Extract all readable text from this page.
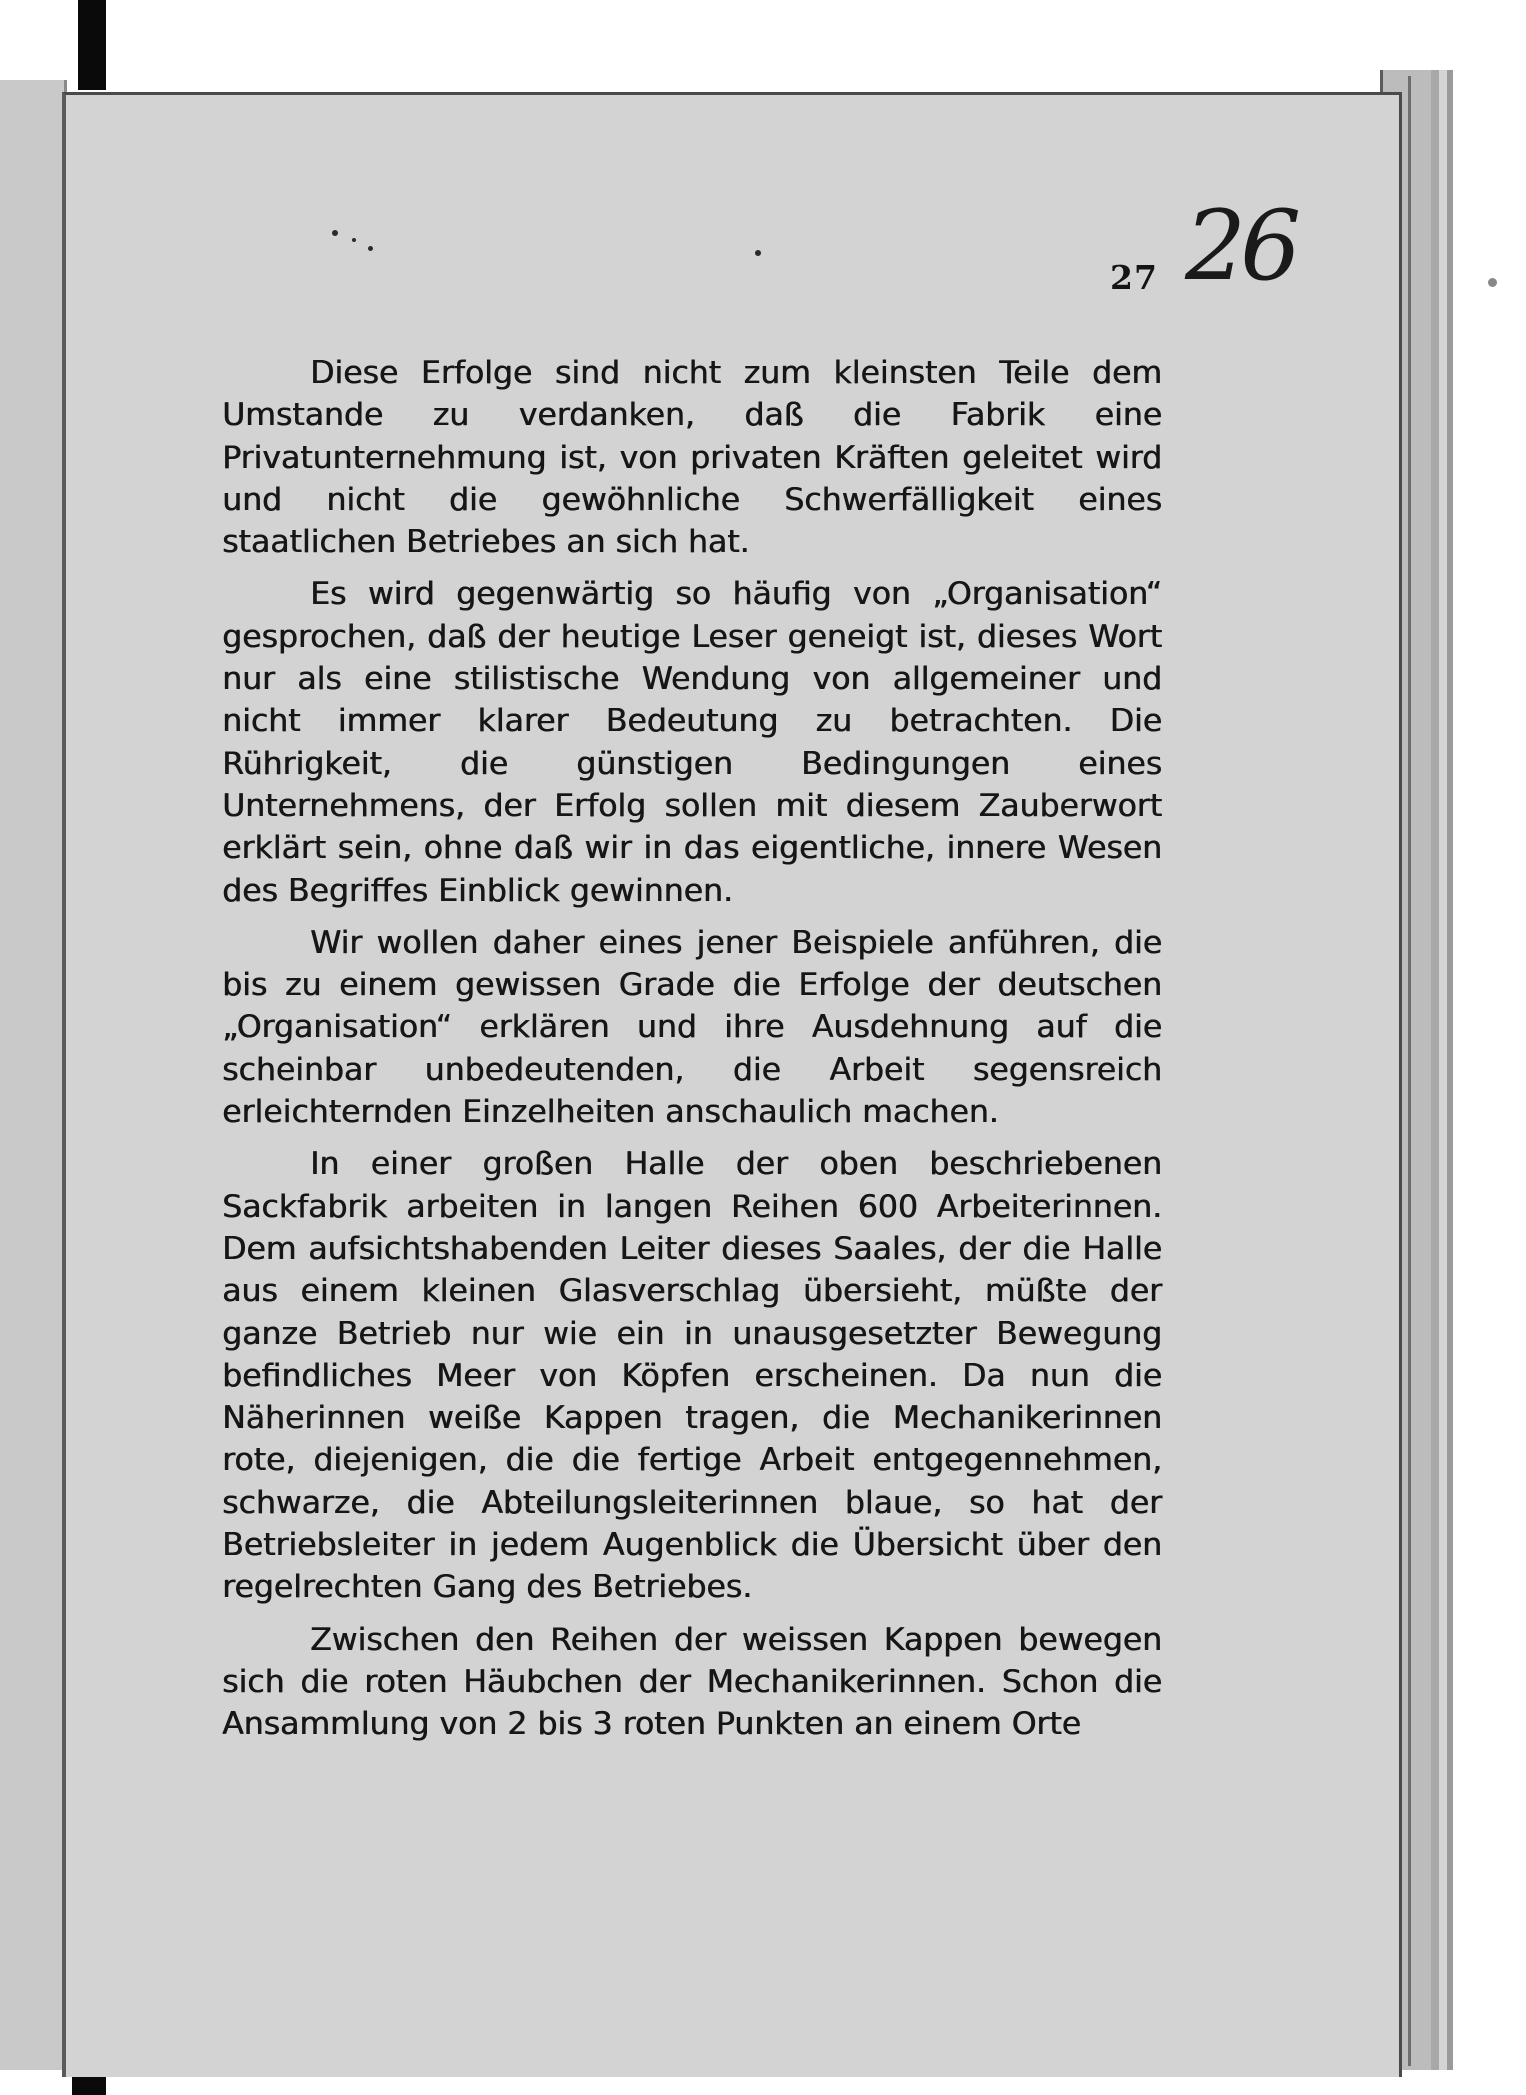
27 26

Diese Erfolge sind nicht zum kleinsten Teile dem Umstande zu verdanken, daß die Fabrik eine Privatunternehmung ist, von privaten Kräften geleitet wird und nicht die gewöhnliche Schwerfälligkeit eines staatlichen Betriebes an sich hat.

Es wird gegenwärtig so häufig von „Organisation“ gesprochen, daß der heutige Leser geneigt ist, dieses Wort nur als eine stilistische Wendung von allgemeiner und nicht immer klarer Bedeutung zu betrachten. Die Rührigkeit, die günstigen Bedingungen eines Unternehmens, der Erfolg sollen mit diesem Zauberwort erklärt sein, ohne daß wir in das eigentliche, innere Wesen des Begriffes Einblick gewinnen.

Wir wollen daher eines jener Beispiele anführen, die bis zu einem gewissen Grade die Erfolge der deutschen „Organisation“ erklären und ihre Ausdehnung auf die scheinbar unbedeutenden, die Arbeit segensreich erleichternden Einzelheiten anschaulich machen.

In einer großen Halle der oben beschriebenen Sackfabrik arbeiten in langen Reihen 600 Arbeiterinnen. Dem aufsichtshabenden Leiter dieses Saales, der die Halle aus einem kleinen Glasverschlag übersieht, müßte der ganze Betrieb nur wie ein in unausgesetzter Bewegung befindliches Meer von Köpfen erscheinen. Da nun die Näherinnen weiße Kappen tragen, die Mechanikerinnen rote, diejenigen, die die fertige Arbeit entgegennehmen, schwarze, die Abteilungsleiterinnen blaue, so hat der Betriebsleiter in jedem Augenblick die Übersicht über den regelrechten Gang des Betriebes.

Zwischen den Reihen der weissen Kappen bewegen sich die roten Häubchen der Mechanikerinnen. Schon die Ansammlung von 2 bis 3 roten Punkten an einem Orte
